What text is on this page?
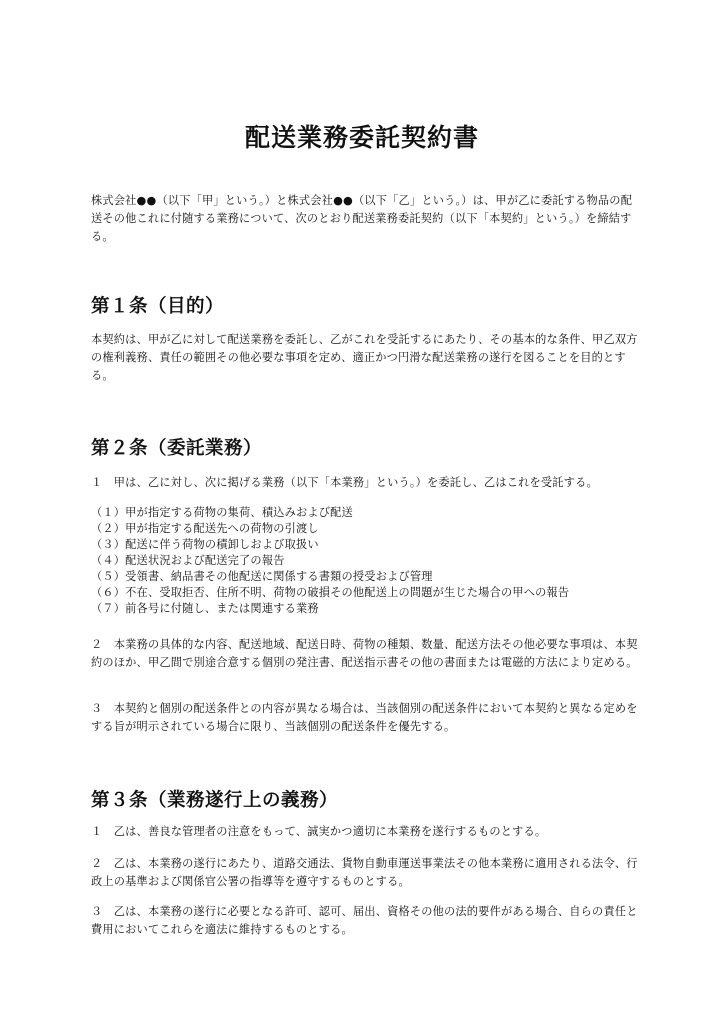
配送業務委託契約書

株式会社●●（以下「甲」という。）と株式会社●●（以下「乙」という。）は、甲が乙に委託する物品の配送その他これに付随する業務について、次のとおり配送業務委託契約（以下「本契約」という。）を締結する。

第１条（目的）

本契約は、甲が乙に対して配送業務を委託し、乙がこれを受託するにあたり、その基本的な条件、甲乙双方の権利義務、責任の範囲その他必要な事項を定め、適正かつ円滑な配送業務の遂行を図ることを目的とする。

第２条（委託業務）

１　甲は、乙に対し、次に掲げる業務（以下「本業務」という。）を委託し、乙はこれを受託する。

（１）甲が指定する荷物の集荷、積込みおよび配送
（２）甲が指定する配送先への荷物の引渡し
（３）配送に伴う荷物の積卸しおよび取扱い
（４）配送状況および配送完了の報告
（５）受領書、納品書その他配送に関係する書類の授受および管理
（６）不在、受取拒否、住所不明、荷物の破損その他配送上の問題が生じた場合の甲への報告
（７）前各号に付随し、または関連する業務

２　本業務の具体的な内容、配送地域、配送日時、荷物の種類、数量、配送方法その他必要な事項は、本契約のほか、甲乙間で別途合意する個別の発注書、配送指示書その他の書面または電磁的方法により定める。

３　本契約と個別の配送条件との内容が異なる場合は、当該個別の配送条件において本契約と異なる定めをする旨が明示されている場合に限り、当該個別の配送条件を優先する。

第３条（業務遂行上の義務）

１　乙は、善良な管理者の注意をもって、誠実かつ適切に本業務を遂行するものとする。

２　乙は、本業務の遂行にあたり、道路交通法、貨物自動車運送事業法その他本業務に適用される法令、行政上の基準および関係官公署の指導等を遵守するものとする。

３　乙は、本業務の遂行に必要となる許可、認可、届出、資格その他の法的要件がある場合、自らの責任と費用においてこれらを適法に維持するものとする。
